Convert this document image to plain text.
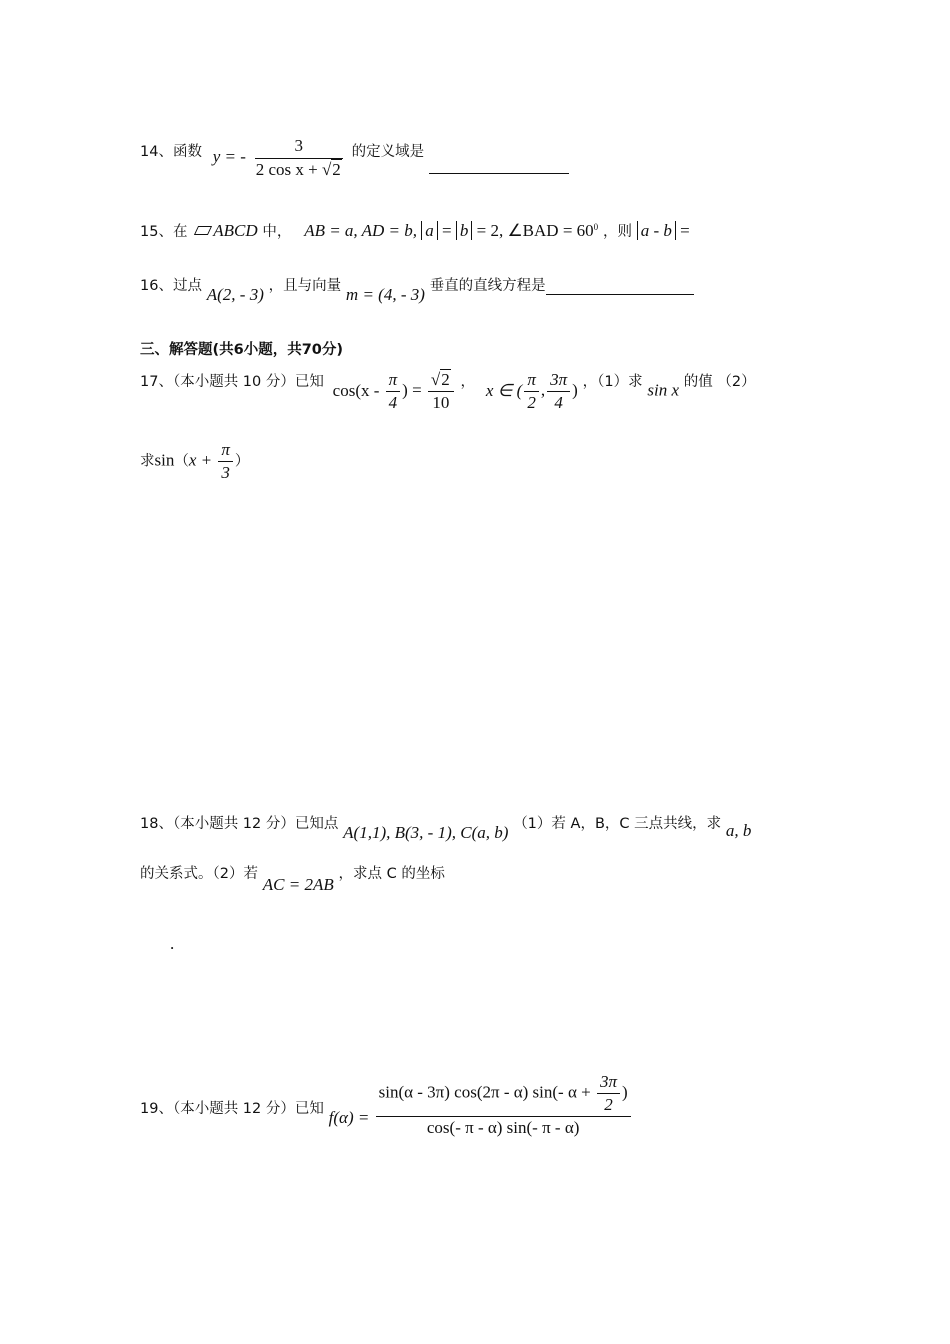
14、函数 y = - $\frac{3}{\text{2 cos x + √2}}$ 的定义域是
15、在 ABCD 中， AB = a, AD = b, a = b = 2, ∠BAD = $60^0$ ，则 a - b =
16、过点 A(2, - 3) ，且与向量 m = (4, - 3) 垂直的直线方程是
三、解答题(共6小题，共70分)
17、（本小题共 10 分）已知 $\cos(x - \frac{\pi}{4}$ ) = $\frac{√2}{10}$ ， x ∈ ( $\frac{\pi}{2}$ , $\frac{3\pi}{4}$ ) ，（1）求 sin x 的值 （2）
求$\sin(x + \frac{\pi}{3}$ ）
18、（本小题共 12 分）已知点 A(1,1), B(3, - 1), C(a, b) （1）若 A，B，C 三点共线，求 a, b
的关系式。（2）若 AC = 2AB ，求点 C 的坐标
.
19、（本小题共 12 分）已知 $f(\alpha) = \frac{\sin(\alpha - 3\pi) \cos(2\pi - \alpha) \sin(- \alpha + \frac{3\pi}{2} )}{\cos(- \pi - \alpha) \sin(- \pi - \alpha)}$
